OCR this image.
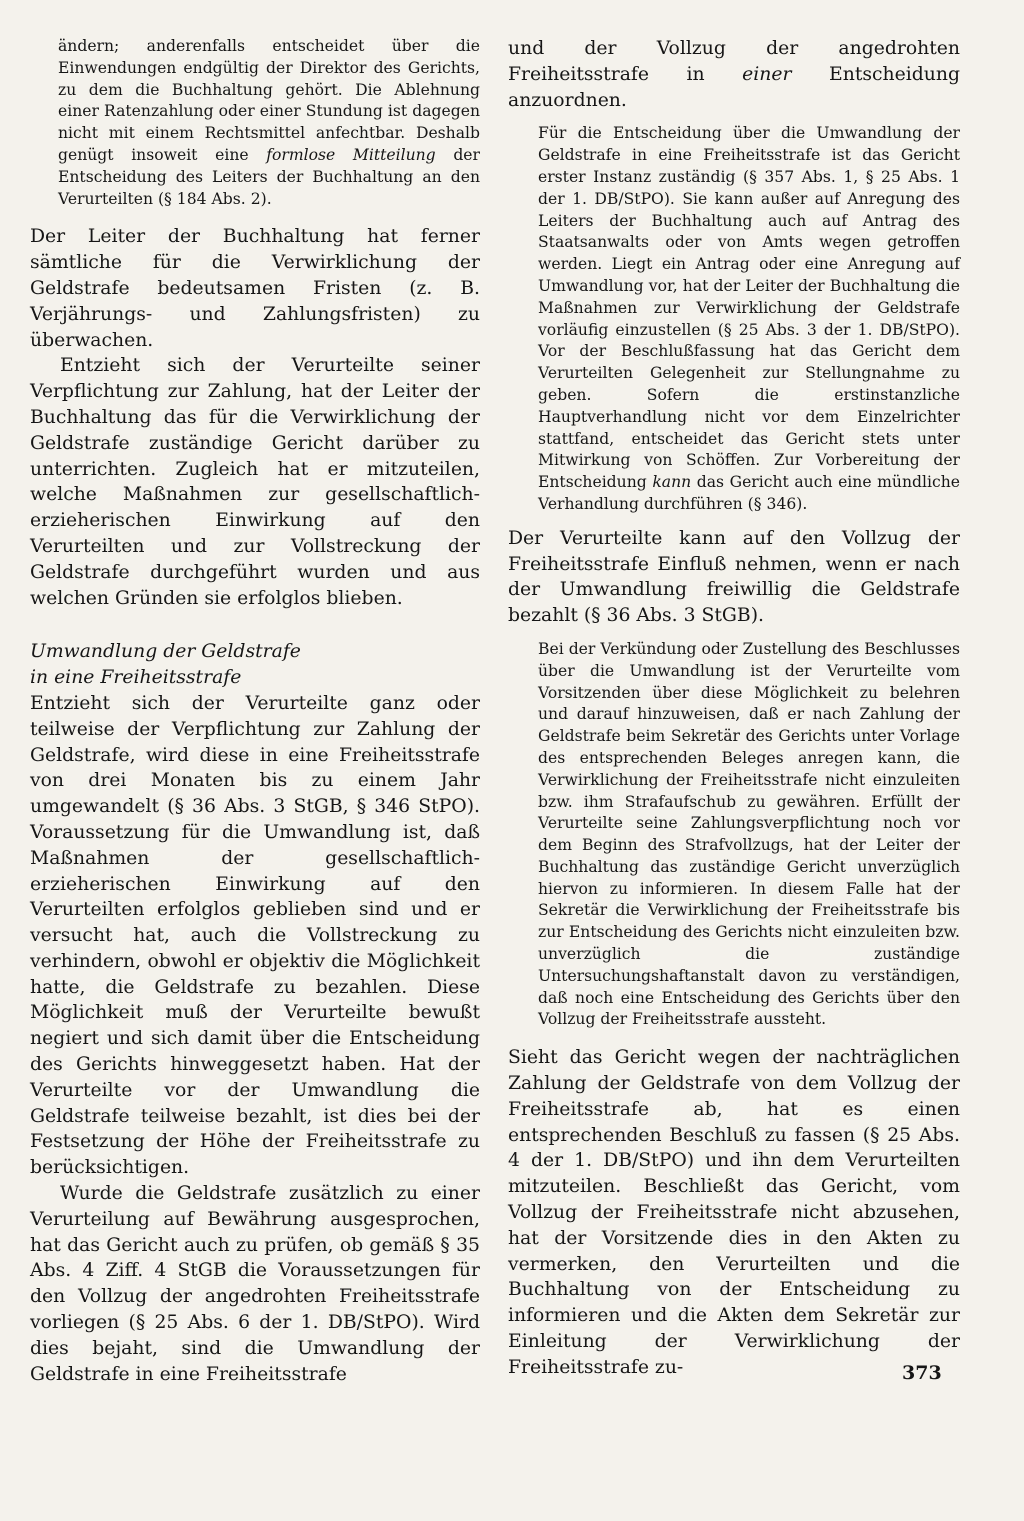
ändern; anderenfalls entscheidet über die Einwendungen endgültig der Direktor des Gerichts, zu dem die Buchhaltung gehört. Die Ablehnung einer Ratenzahlung oder einer Stundung ist dagegen nicht mit einem Rechtsmittel anfechtbar. Deshalb genügt insoweit eine formlose Mitteilung der Entscheidung des Leiters der Buchhaltung an den Verurteilten (§ 184 Abs. 2).

Der Leiter der Buchhaltung hat ferner sämtliche für die Verwirklichung der Geldstrafe bedeutsamen Fristen (z. B. Verjährungs- und Zahlungsfristen) zu überwachen.

Entzieht sich der Verurteilte seiner Verpflichtung zur Zahlung, hat der Leiter der Buchhaltung das für die Verwirklichung der Geldstrafe zuständige Gericht darüber zu unterrichten. Zugleich hat er mitzuteilen, welche Maßnahmen zur gesellschaftlich-erzieherischen Einwirkung auf den Verurteilten und zur Vollstreckung der Geldstrafe durchgeführt wurden und aus welchen Gründen sie erfolglos blieben.

Umwandlung der Geldstrafe

in eine Freiheitsstrafe

Entzieht sich der Verurteilte ganz oder teilweise der Verpflichtung zur Zahlung der Geldstrafe, wird diese in eine Freiheitsstrafe von drei Monaten bis zu einem Jahr umgewandelt (§ 36 Abs. 3 StGB, § 346 StPO). Voraussetzung für die Umwandlung ist, daß Maßnahmen der gesellschaftlich-erzieherischen Einwirkung auf den Verurteilten erfolglos geblieben sind und er versucht hat, auch die Vollstreckung zu verhindern, obwohl er objektiv die Möglichkeit hatte, die Geldstrafe zu bezahlen. Diese Möglichkeit muß der Verurteilte bewußt negiert und sich damit über die Entscheidung des Gerichts hinweggesetzt haben. Hat der Verurteilte vor der Umwandlung die Geldstrafe teilweise bezahlt, ist dies bei der Festsetzung der Höhe der Freiheitsstrafe zu berücksichtigen.

Wurde die Geldstrafe zusätzlich zu einer Verurteilung auf Bewährung ausgesprochen, hat das Gericht auch zu prüfen, ob gemäß § 35 Abs. 4 Ziff. 4 StGB die Voraussetzungen für den Vollzug der angedrohten Freiheitsstrafe vorliegen (§ 25 Abs. 6 der 1. DB/StPO). Wird dies bejaht, sind die Umwandlung der Geldstrafe in eine Freiheitsstrafe

und der Vollzug der angedrohten Freiheitsstrafe in einer Entscheidung anzuordnen.

Für die Entscheidung über die Umwandlung der Geldstrafe in eine Freiheitsstrafe ist das Gericht erster Instanz zuständig (§ 357 Abs. 1, § 25 Abs. 1 der 1. DB/StPO). Sie kann außer auf Anregung des Leiters der Buchhaltung auch auf Antrag des Staatsanwalts oder von Amts wegen getroffen werden. Liegt ein Antrag oder eine Anregung auf Umwandlung vor, hat der Leiter der Buchhaltung die Maßnahmen zur Verwirklichung der Geldstrafe vorläufig einzustellen (§ 25 Abs. 3 der 1. DB/StPO). Vor der Beschlußfassung hat das Gericht dem Verurteilten Gelegenheit zur Stellungnahme zu geben. Sofern die erstinstanzliche Hauptverhandlung nicht vor dem Einzelrichter stattfand, entscheidet das Gericht stets unter Mitwirkung von Schöffen. Zur Vorbereitung der Entscheidung kann das Gericht auch eine mündliche Verhandlung durchführen (§ 346).

Der Verurteilte kann auf den Vollzug der Freiheitsstrafe Einfluß nehmen, wenn er nach der Umwandlung freiwillig die Geldstrafe bezahlt (§ 36 Abs. 3 StGB).

Bei der Verkündung oder Zustellung des Beschlusses über die Umwandlung ist der Verurteilte vom Vorsitzenden über diese Möglichkeit zu belehren und darauf hinzuweisen, daß er nach Zahlung der Geldstrafe beim Sekretär des Gerichts unter Vorlage des entsprechenden Beleges anregen kann, die Verwirklichung der Freiheitsstrafe nicht einzuleiten bzw. ihm Strafaufschub zu gewähren. Erfüllt der Verurteilte seine Zahlungsverpflichtung noch vor dem Beginn des Strafvollzugs, hat der Leiter der Buchhaltung das zuständige Gericht unverzüglich hiervon zu informieren. In diesem Falle hat der Sekretär die Verwirklichung der Freiheitsstrafe bis zur Entscheidung des Gerichts nicht einzuleiten bzw. unverzüglich die zuständige Untersuchungshaftanstalt davon zu verständigen, daß noch eine Entscheidung des Gerichts über den Vollzug der Freiheitsstrafe aussteht.

Sieht das Gericht wegen der nachträglichen Zahlung der Geldstrafe von dem Vollzug der Freiheitsstrafe ab, hat es einen entsprechenden Beschluß zu fassen (§ 25 Abs. 4 der 1. DB/StPO) und ihn dem Verurteilten mitzuteilen. Beschließt das Gericht, vom Vollzug der Freiheitsstrafe nicht abzusehen, hat der Vorsitzende dies in den Akten zu vermerken, den Verurteilten und die Buchhaltung von der Entscheidung zu informieren und die Akten dem Sekretär zur Einleitung der Verwirklichung der Freiheitsstrafe zu-	373
